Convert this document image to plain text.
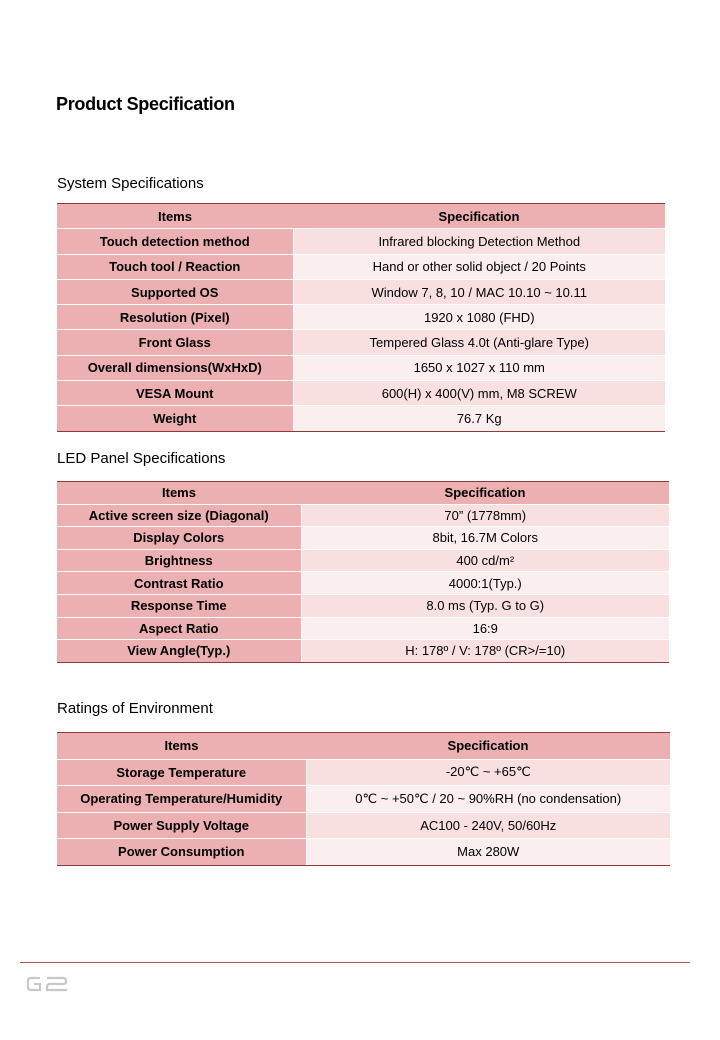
Product Specification
System Specifications
Items	Specification
Touch detection method	Infrared blocking Detection Method
Touch tool / Reaction	Hand or other solid object / 20 Points
Supported OS	Window 7, 8, 10 / MAC 10.10 ~ 10.11
Resolution (Pixel)	1920 x 1080 (FHD)
Front Glass	Tempered Glass 4.0t (Anti-glare Type)
Overall dimensions(WxHxD)	1650 x 1027 x 110 mm
VESA Mount	600(H) x 400(V) mm, M8 SCREW
Weight	76.7 Kg
LED Panel Specifications
Items	Specification
Active screen size (Diagonal)	70” (1778mm)
Display Colors	8bit, 16.7M Colors
Brightness	400 cd/m²
Contrast Ratio	4000:1(Typ.)
Response Time	8.0 ms (Typ. G to G)
Aspect Ratio	16:9
View Angle(Typ.)	H: 178º / V: 178º (CR>/=10)
Ratings of Environment
Items	Specification
Storage Temperature	-20℃ ~ +65℃
Operating Temperature/Humidity	0℃ ~ +50℃ / 20 ~ 90%RH (no condensation)
Power Supply Voltage	AC100 - 240V, 50/60Hz
Power Consumption	Max 280W
